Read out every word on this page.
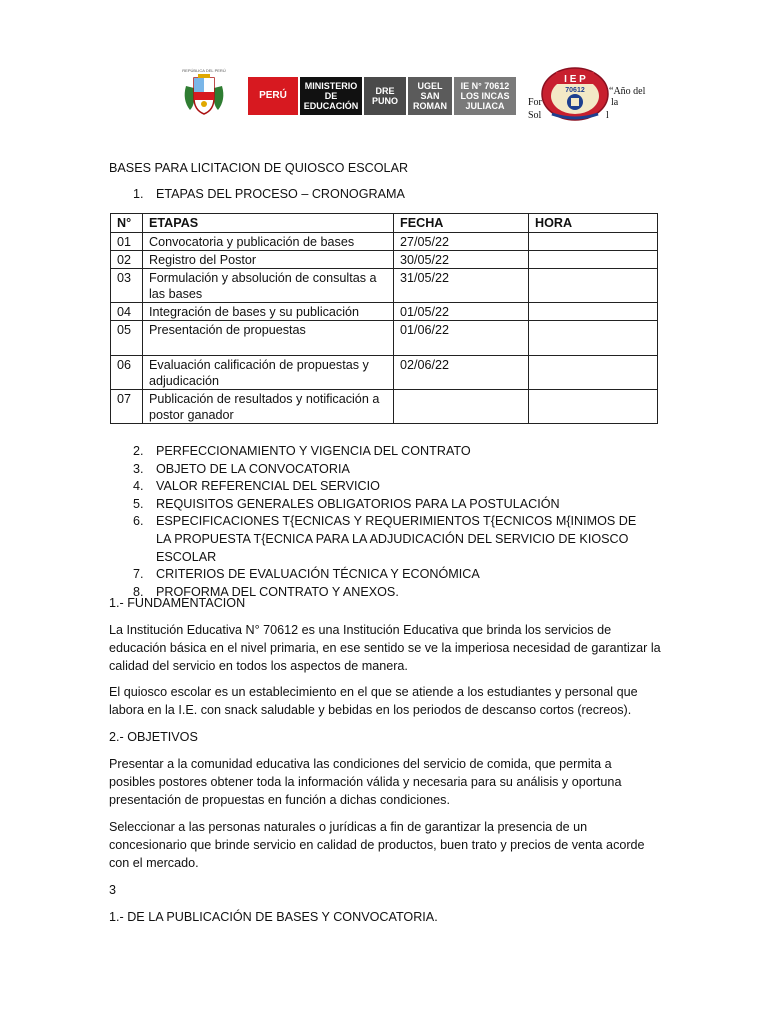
REPÚBLICA DEL PERÚ
PERÚ
MINISTERIO
DE
EDUCACIÓN
DRE
PUNO
UGEL
SAN
ROMAN
IE N° 70612
LOS INCAS
JULIACA
I E P
70612
For
Sol
“Año del
la
l
BASES PARA LICITACION DE QUIOSCO ESCOLAR
1. ETAPAS DEL PROCESO – CRONOGRAMA
N°	ETAPAS	FECHA	HORA
01	Convocatoria y publicación de bases	27/05/22	
02	Registro del Postor	30/05/22	
03	Formulación y absolución de consultas a las bases	31/05/22	
04	Integración de bases y su publicación	01/05/22	
05	Presentación de propuestas	01/06/22	
06	Evaluación calificación de propuestas y adjudicación	02/06/22	
07	Publicación de resultados y notificación a postor ganador		
2. PERFECCIONAMIENTO Y VIGENCIA DEL CONTRATO
3. OBJETO DE LA CONVOCATORIA
4. VALOR REFERENCIAL DEL SERVICIO
5. REQUISITOS GENERALES OBLIGATORIOS PARA LA POSTULACIÓN
6. ESPECIFICACIONES T{ECNICAS Y REQUERIMIENTOS T{ECNICOS M{INIMOS DE LA PROPUESTA T{ECNICA PARA LA ADJUDICACIÓN DEL SERVICIO DE KIOSCO ESCOLAR
7. CRITERIOS DE EVALUACIÓN TÉCNICA Y ECONÓMICA
8. PROFORMA DEL CONTRATO Y ANEXOS.

1.- FUNDAMENTACION

La Institución Educativa N° 70612 es una Institución Educativa que brinda los servicios de educación básica en el nivel primaria, en ese sentido se ve la imperiosa necesidad de garantizar la calidad del servicio en todos los aspectos de manera.

El quiosco escolar es un establecimiento en el que se atiende a los estudiantes y personal que labora en la I.E. con snack saludable y bebidas en los periodos de descanso cortos (recreos).

2.- OBJETIVOS

Presentar a la comunidad educativa las condiciones del servicio de comida, que permita a posibles postores obtener toda la información válida y necesaria para su análisis y oportuna presentación de propuestas en función a dichas condiciones.

Seleccionar a las personas naturales o jurídicas a fin de garantizar la presencia de un concesionario que brinde servicio en calidad de productos, buen trato y precios de venta acorde con el mercado.

3

1.- DE LA PUBLICACIÓN DE BASES Y CONVOCATORIA.
